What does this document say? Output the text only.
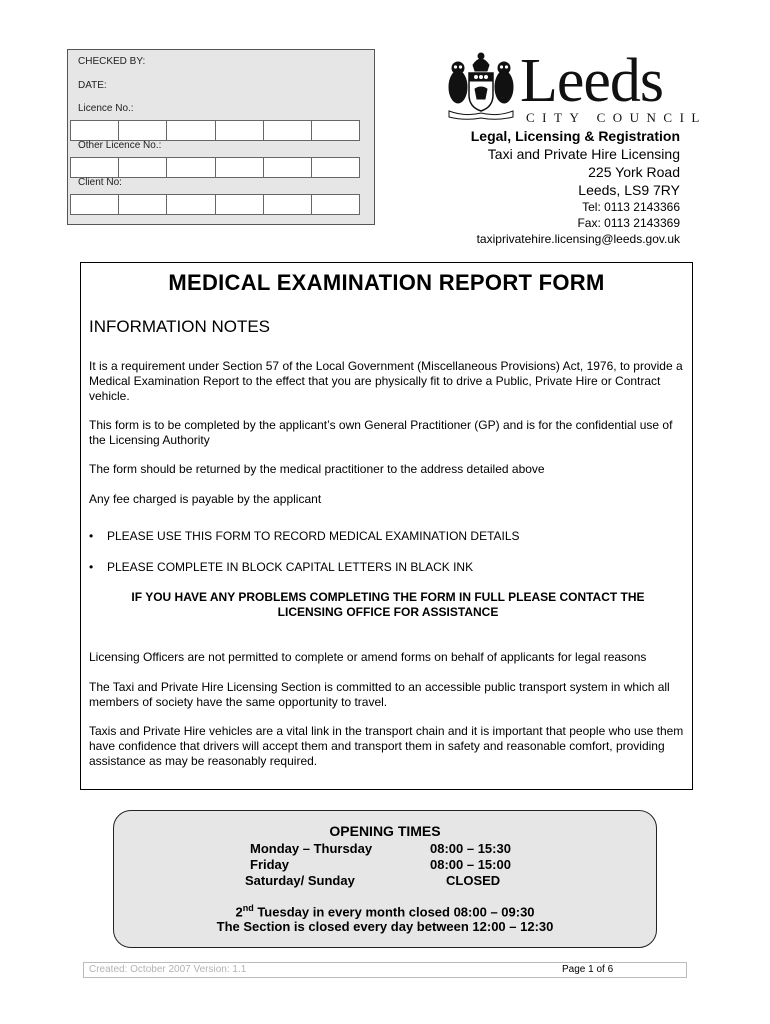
CHECKED BY:
DATE:
Licence No.:
Other Licence No.:
Client No:
Leeds
CITY COUNCIL
Legal, Licensing & Registration
Taxi and Private Hire Licensing
225 York Road
Leeds, LS9 7RY
Tel: 0113 2143366
Fax: 0113 2143369
taxiprivatehire.licensing@leeds.gov.uk
MEDICAL EXAMINATION REPORT FORM
INFORMATION NOTES
It is a requirement under Section 57 of the Local Government (Miscellaneous Provisions) Act, 1976, to provide a Medical Examination Report to the effect that you are physically fit to drive a Public, Private Hire or Contract vehicle.
This form is to be completed by the applicant’s own General Practitioner (GP) and is for the confidential use of the Licensing Authority
The form should be returned by the medical practitioner to the address detailed above
Any fee charged is payable by the applicant
• PLEASE USE THIS FORM TO RECORD MEDICAL EXAMINATION DETAILS
• PLEASE COMPLETE IN BLOCK CAPITAL LETTERS IN BLACK INK
IF YOU HAVE ANY PROBLEMS COMPLETING THE FORM IN FULL PLEASE CONTACT THE
LICENSING OFFICE FOR ASSISTANCE
Licensing Officers are not permitted to complete or amend forms on behalf of applicants for legal reasons
The Taxi and Private Hire Licensing Section is committed to an accessible public transport system in which all members of society have the same opportunity to travel.
Taxis and Private Hire vehicles are a vital link in the transport chain and it is important that people who use them have confidence that drivers will accept them and transport them in safety and reasonable comfort, providing assistance as may be reasonably required.
OPENING TIMES
Monday – Thursday	08:00 – 15:30
Friday	08:00 – 15:00
Saturday/ Sunday	CLOSED
2nd Tuesday in every month closed 08:00 – 09:30
The Section is closed every day between 12:00 – 12:30
Created: October 2007 Version: 1.1	Page 1 of 6
